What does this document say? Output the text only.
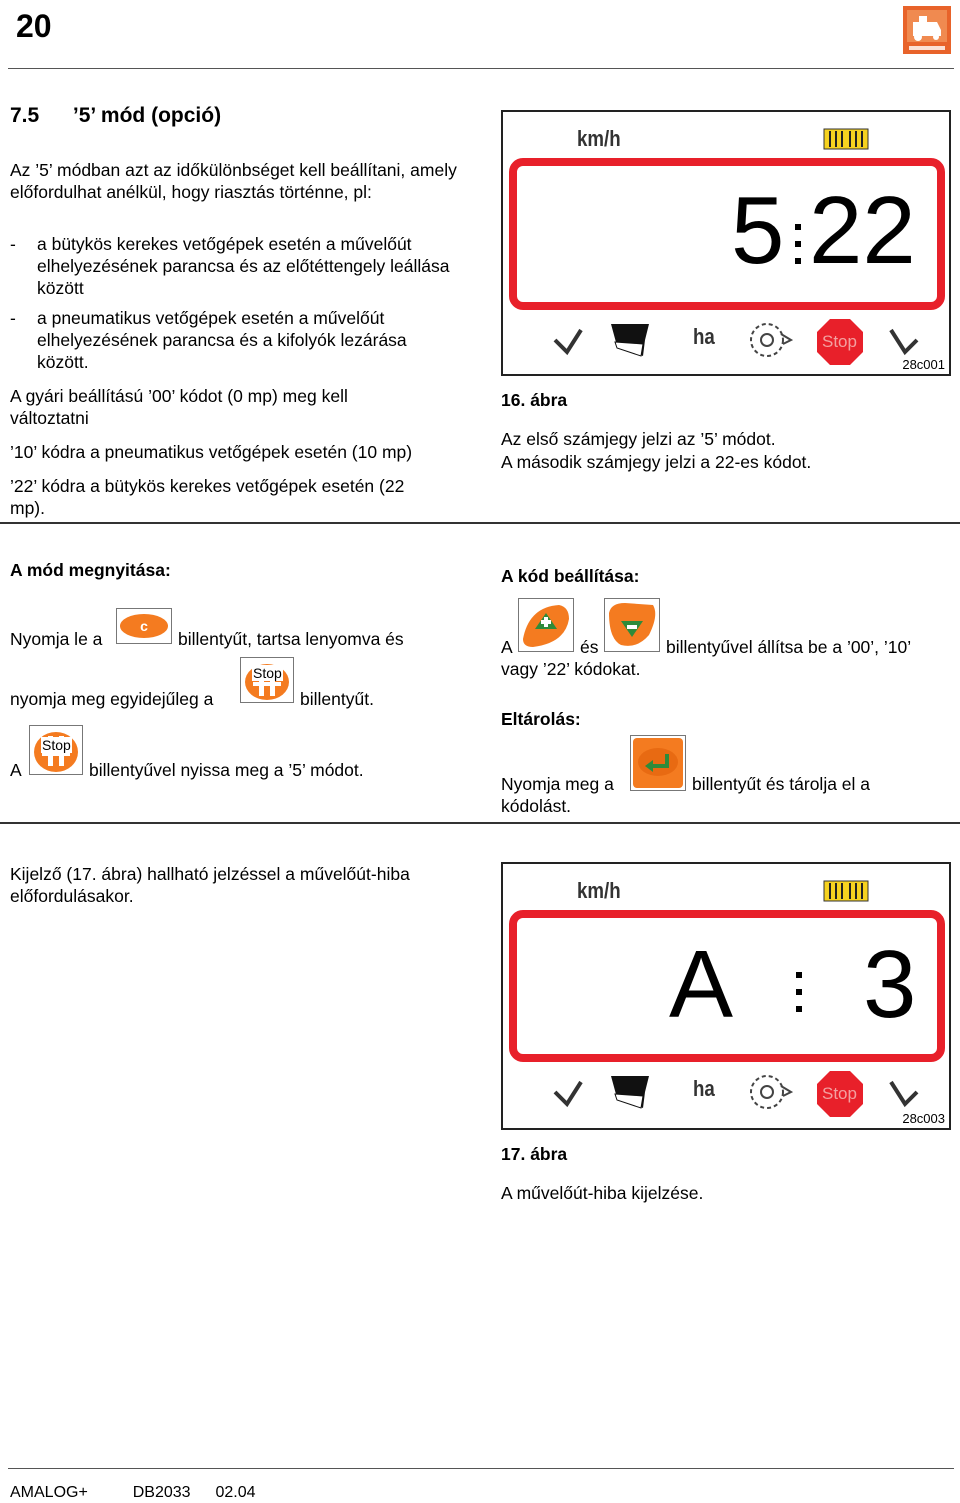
20
7.5 ’5’ mód (opció)
Az ’5’ módban azt az időkülönbséget kell beállítani, amely előfordulhat anélkül, hogy riasztás történne, pl:
- a bütykös kerekes vetőgépek esetén a művelőút elhelyezésének parancsa és az előtéttengely leállása között
- a pneumatikus vetőgépek esetén a művelőút elhelyezésének parancsa és a kifolyók lezárása között.
A gyári beállítású ’00’ kódot (0 mp) meg kell változtatni
’10’ kódra a pneumatikus vetőgépek esetén (10 mp)
’22’ kódra a bütykös kerekes vetőgépek esetén (22 mp).
km/h
5 22
ha	Stop
28c001
16. ábra
Az első számjegy jelzi az ’5’ módot.
A második számjegy jelzi a 22-es kódot.
A mód megnyitása:
Nyomja le a
c
billentyűt, tartsa lenyomva és
nyomja meg egyidejűleg a
Stop
billentyűt.
A
Stop
billentyűvel nyissa meg a ’5’ módot.
A kód beállítása:
A	és	billentyűvel állítsa be a ’00’, ’10’
vagy ’22’ kódokat.
Eltárolás:
Nyomja meg a	billentyűt és tárolja el a
kódolást.
Kijelző (17. ábra) hallható jelzéssel a művelőút-hiba előfordulásakor.	km/h
A 3
ha	Stop
28c003
17. ábra
A művelőút-hiba kijelzése.
AMALOG+	DB2033 02.04
